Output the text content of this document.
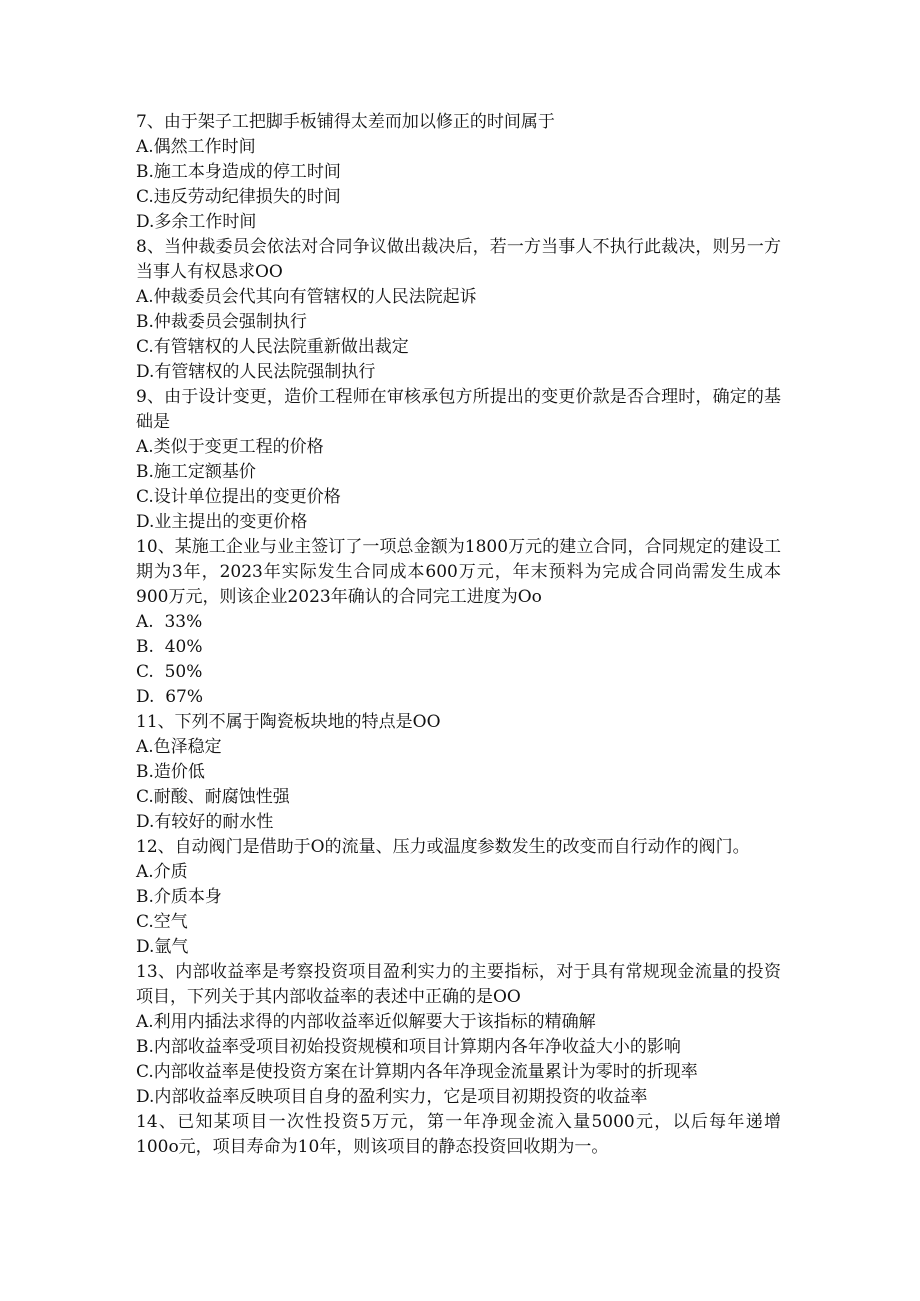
7、由于架子工把脚手板铺得太差而加以修正的时间属于

A.偶然工作时间
B.施工本身造成的停工时间
C.违反劳动纪律损失的时间
D.多余工作时间

8、当仲裁委员会依法对合同争议做出裁决后，若一方当事人不执行此裁决，则另一方当事人有权恳求OO

A.仲裁委员会代其向有管辖权的人民法院起诉
B.仲裁委员会强制执行
C.有管辖权的人民法院重新做出裁定
D.有管辖权的人民法院强制执行

9、由于设计变更，造价工程师在审核承包方所提出的变更价款是否合理时，确定的基础是

A.类似于变更工程的价格
B.施工定额基价
C.设计单位提出的变更价格
D.业主提出的变更价格

10、某施工企业与业主签订了一项总金额为1800万元的建立合同，合同规定的建设工期为3年，2023年实际发生合同成本600万元，年末预料为完成合同尚需发生成本900万元，则该企业2023年确认的合同完工进度为Oo

A.  33%
B.  40%
C.  50%
D.  67%

11、下列不属于陶瓷板块地的特点是OO

A.色泽稳定
B.造价低
C.耐酸、耐腐蚀性强
D.有较好的耐水性

12、自动阀门是借助于O的流量、压力或温度参数发生的改变而自行动作的阀门。

A.介质
B.介质本身
C.空气
D.氩气

13、内部收益率是考察投资项目盈利实力的主要指标，对于具有常规现金流量的投资项目，下列关于其内部收益率的表述中正确的是OO

A.利用内插法求得的内部收益率近似解要大于该指标的精确解
B.内部收益率受项目初始投资规模和项目计算期内各年净收益大小的影响
C.内部收益率是使投资方案在计算期内各年净现金流量累计为零时的折现率
D.内部收益率反映项目自身的盈利实力，它是项目初期投资的收益率

14、已知某项目一次性投资5万元，第一年净现金流入量5000元，以后每年递增100o元，项目寿命为10年，则该项目的静态投资回收期为一。
